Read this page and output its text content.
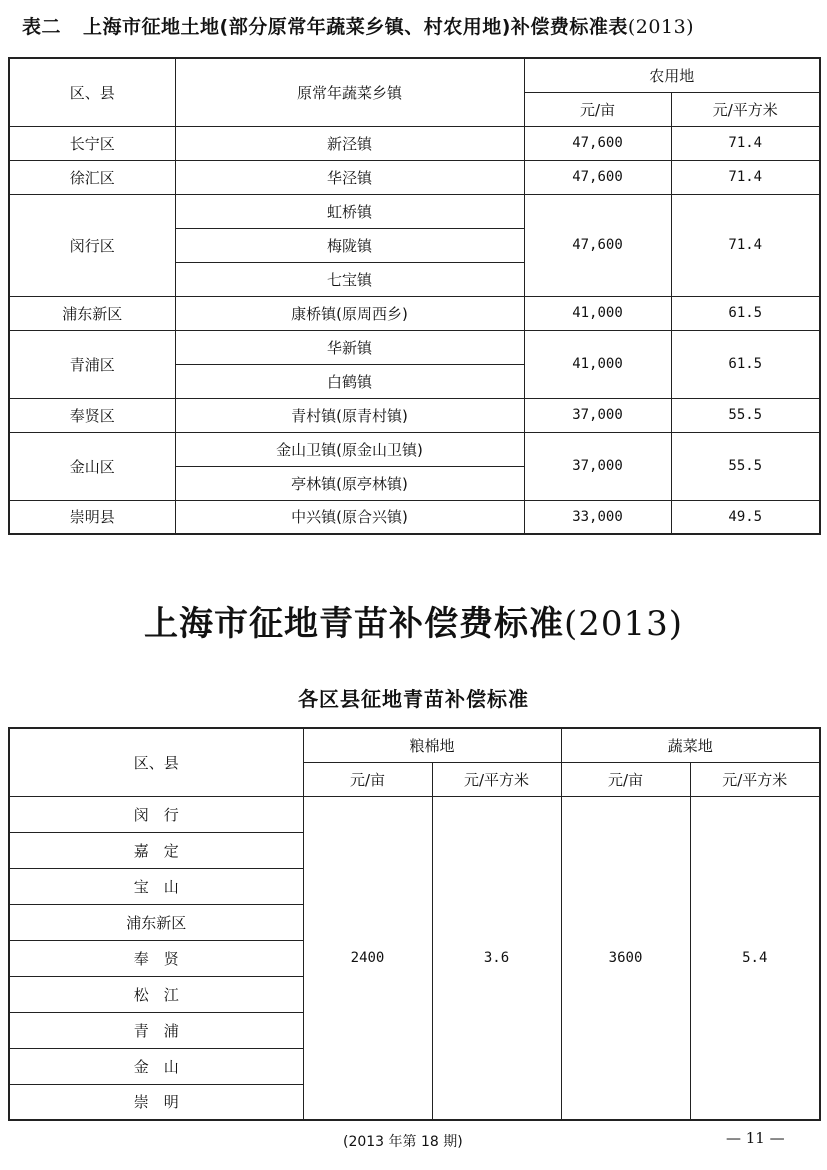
表二 上海市征地土地(部分原常年蔬菜乡镇、村农用地)补偿费标准表(2013)
区、县	原常年蔬菜乡镇	农用地	
		元/亩	元/平方米
长宁区	新泾镇	47,600	71.4
徐汇区	华泾镇	47,600	71.4
闵行区	虹桥镇	47,600	71.4
	梅陇镇		
	七宝镇		
浦东新区	康桥镇(原周西乡)	41,000	61.5
青浦区	华新镇	41,000	61.5
	白鹤镇		
奉贤区	青村镇(原青村镇)	37,000	55.5
金山区	金山卫镇(原金山卫镇)	37,000	55.5
	亭林镇(原亭林镇)		
崇明县	中兴镇(原合兴镇)	33,000	49.5
上海市征地青苗补偿费标准(2013)
各区县征地青苗补偿标准
区、县	粮棉地		蔬菜地	
	元/亩	元/平方米	元/亩	元/平方米
闵　行	2400	3.6	3600	5.4
嘉　定				
宝　山				
浦东新区				
奉　贤				
松　江				
青　浦				
金　山				
崇　明				
(2013 年第 18 期)	— 11 —
